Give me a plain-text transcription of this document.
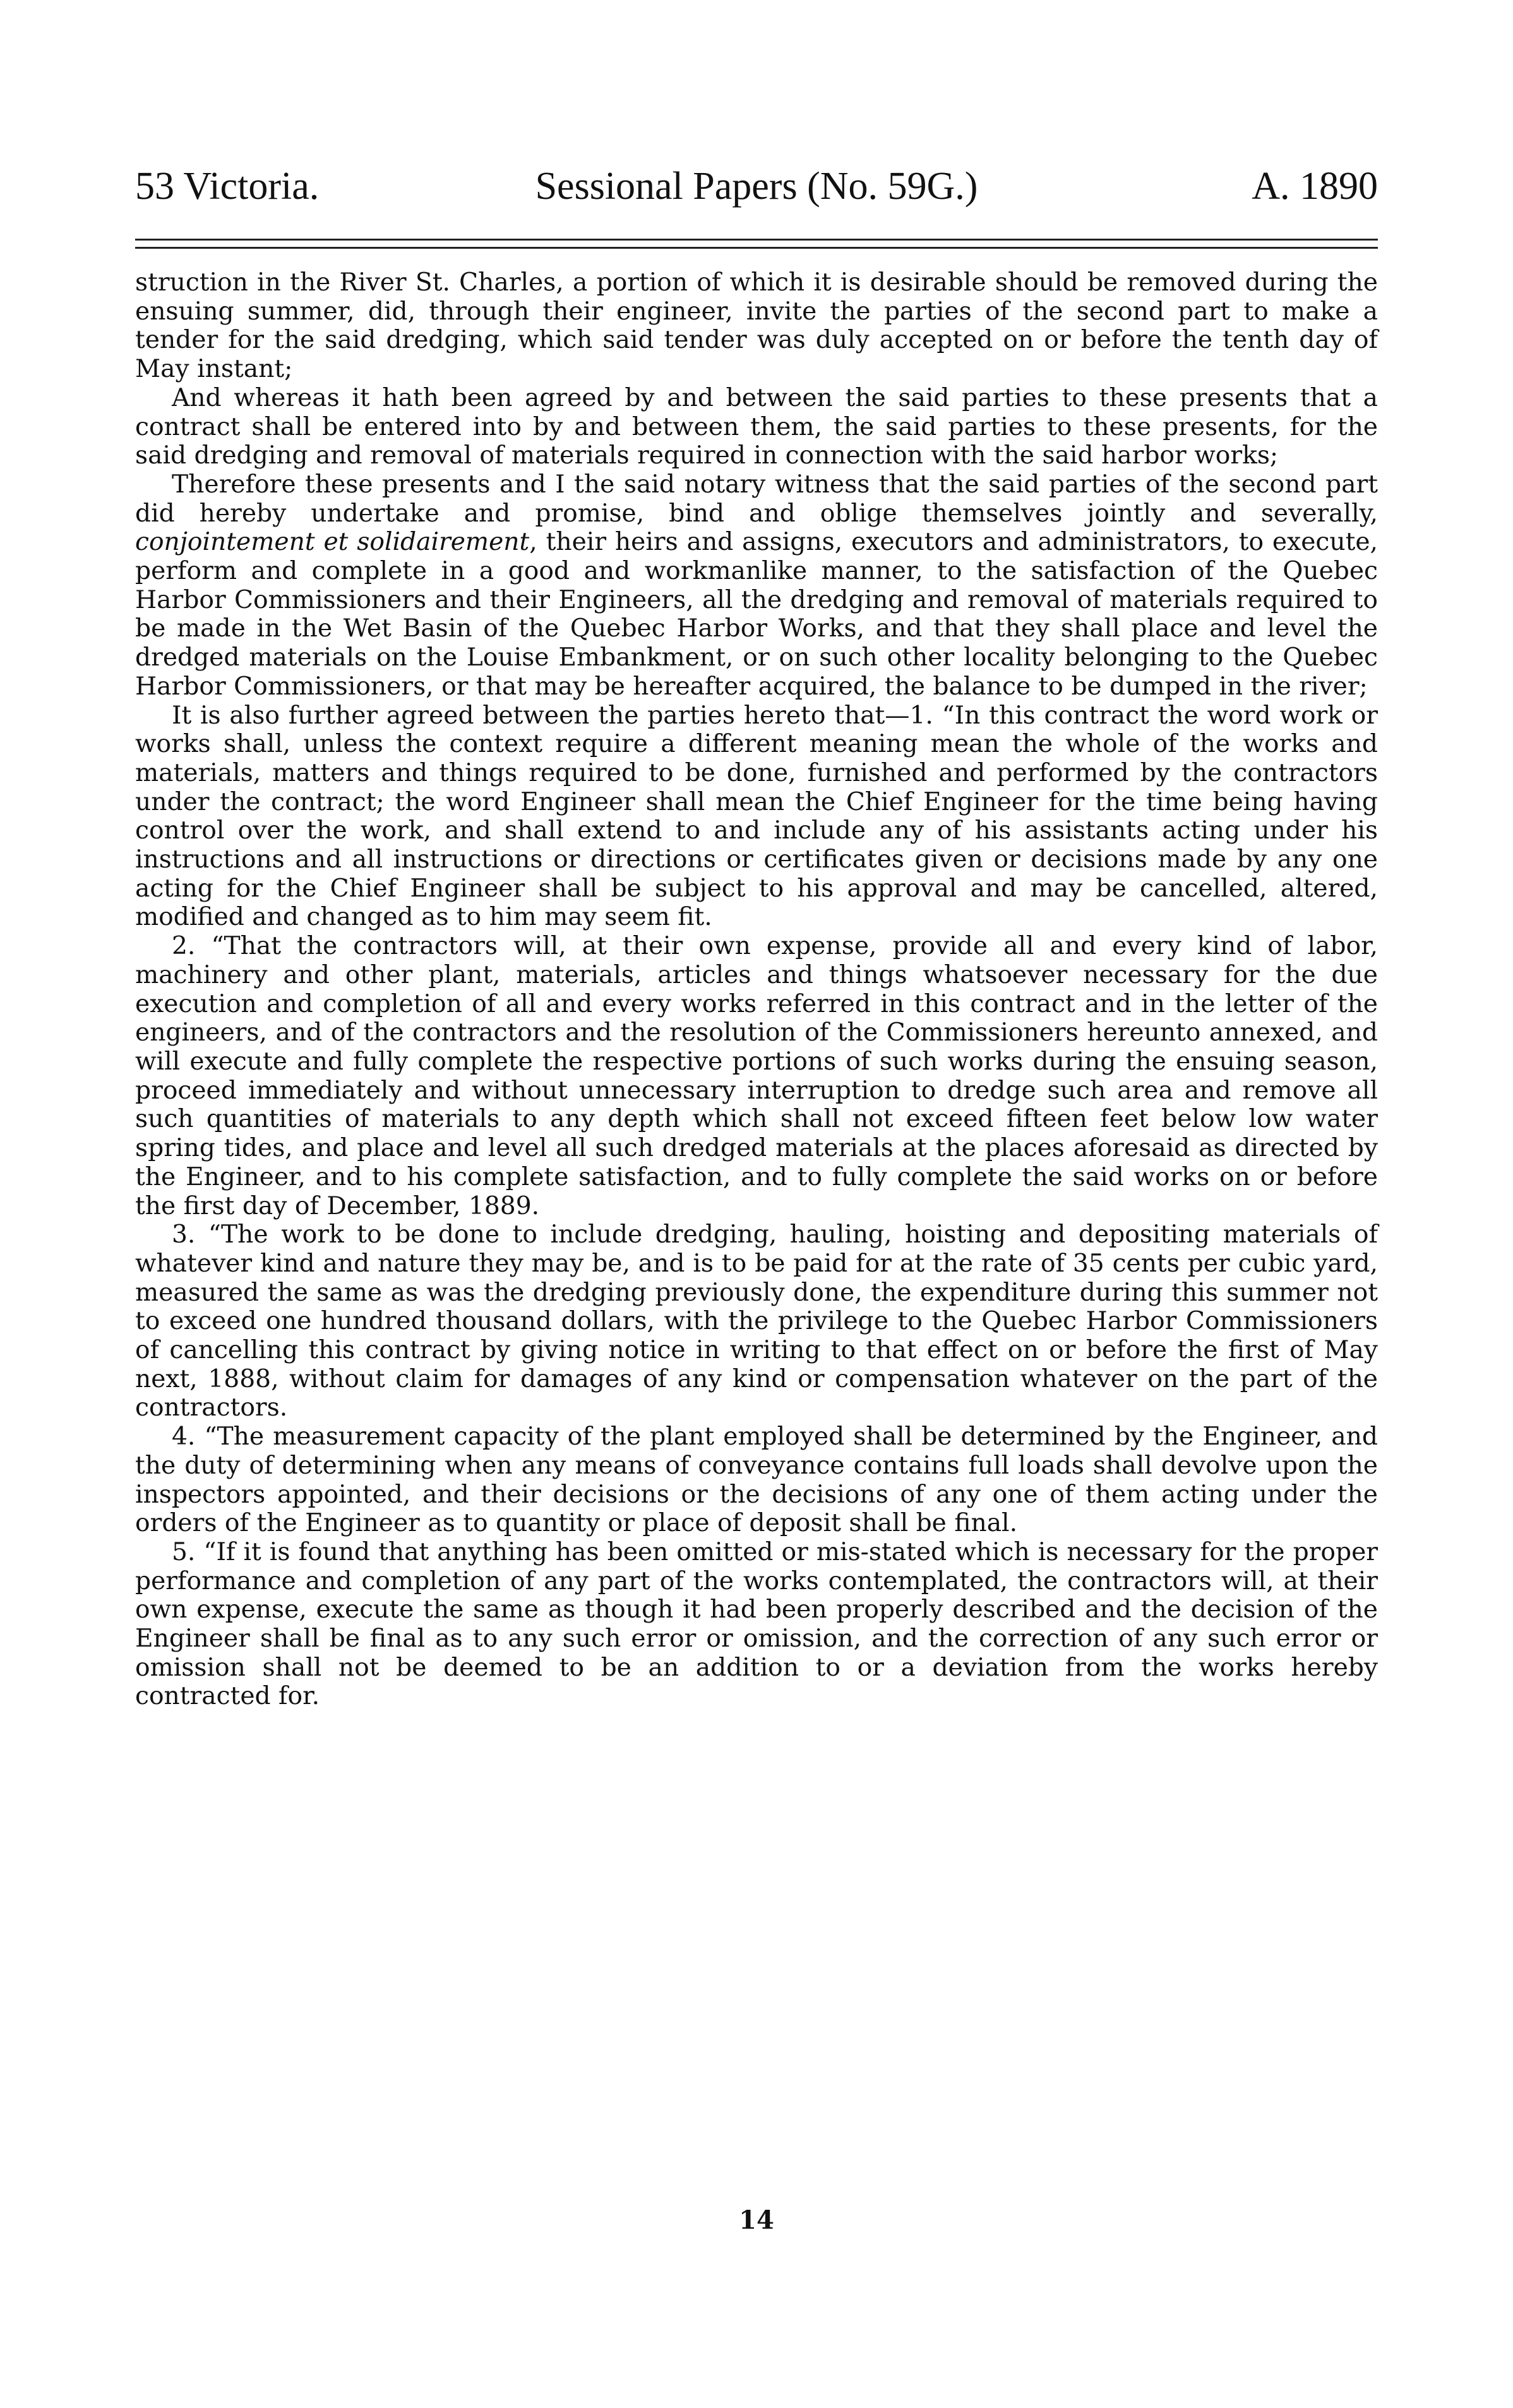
53 Victoria.	Sessional Papers (No. 59G.)	A. 1890

struction in the River St. Charles, a portion of which it is desirable should be removed during the ensuing summer, did, through their engineer, invite the parties of the second part to make a tender for the said dredging, which said tender was duly accepted on or before the tenth day of May instant;

And whereas it hath been agreed by and between the said parties to these presents that a contract shall be entered into by and between them, the said parties to these presents, for the said dredging and removal of materials required in connection with the said harbor works;

Therefore these presents and I the said notary witness that the said parties of the second part did hereby undertake and promise, bind and oblige themselves jointly and severally, conjointement et solidairement, their heirs and assigns, executors and administrators, to execute, perform and complete in a good and workmanlike manner, to the satisfaction of the Quebec Harbor Commissioners and their Engineers, all the dredging and removal of materials required to be made in the Wet Basin of the Quebec Harbor Works, and that they shall place and level the dredged materials on the Louise Embankment, or on such other locality belonging to the Quebec Harbor Commissioners, or that may be hereafter acquired, the balance to be dumped in the river;

It is also further agreed between the parties hereto that—1. “In this contract the word work or works shall, unless the context require a different meaning mean the whole of the works and materials, matters and things required to be done, furnished and performed by the contractors under the contract; the word Engineer shall mean the Chief Engineer for the time being having control over the work, and shall extend to and include any of his assistants acting under his instructions and all instructions or directions or certificates given or decisions made by any one acting for the Chief Engineer shall be subject to his approval and may be cancelled, altered, modified and changed as to him may seem fit.

2. “That the contractors will, at their own expense, provide all and every kind of labor, machinery and other plant, materials, articles and things whatsoever necessary for the due execution and completion of all and every works referred in this contract and in the letter of the engineers, and of the contractors and the resolution of the Commissioners hereunto annexed, and will execute and fully complete the respective portions of such works during the ensuing season, proceed immediately and without unnecessary interruption to dredge such area and remove all such quantities of materials to any depth which shall not exceed fifteen feet below low water spring tides, and place and level all such dredged materials at the places aforesaid as directed by the Engineer, and to his complete satisfaction, and to fully complete the said works on or before the first day of December, 1889.

3. “The work to be done to include dredging, hauling, hoisting and depositing materials of whatever kind and nature they may be, and is to be paid for at the rate of 35 cents per cubic yard, measured the same as was the dredging previously done, the expenditure during this summer not to exceed one hundred thousand dollars, with the privilege to the Quebec Harbor Commissioners of cancelling this contract by giving notice in writing to that effect on or before the first of May next, 1888, without claim for damages of any kind or compensation whatever on the part of the contractors.

4. “The measurement capacity of the plant employed shall be determined by the Engineer, and the duty of determining when any means of conveyance contains full loads shall devolve upon the inspectors appointed, and their decisions or the decisions of any one of them acting under the orders of the Engineer as to quantity or place of deposit shall be final.

5. “If it is found that anything has been omitted or mis-stated which is necessary for the proper performance and completion of any part of the works contemplated, the contractors will, at their own expense, execute the same as though it had been properly described and the decision of the Engineer shall be final as to any such error or omission, and the correction of any such error or omission shall not be deemed to be an addition to or a deviation from the works hereby contracted for.

14
